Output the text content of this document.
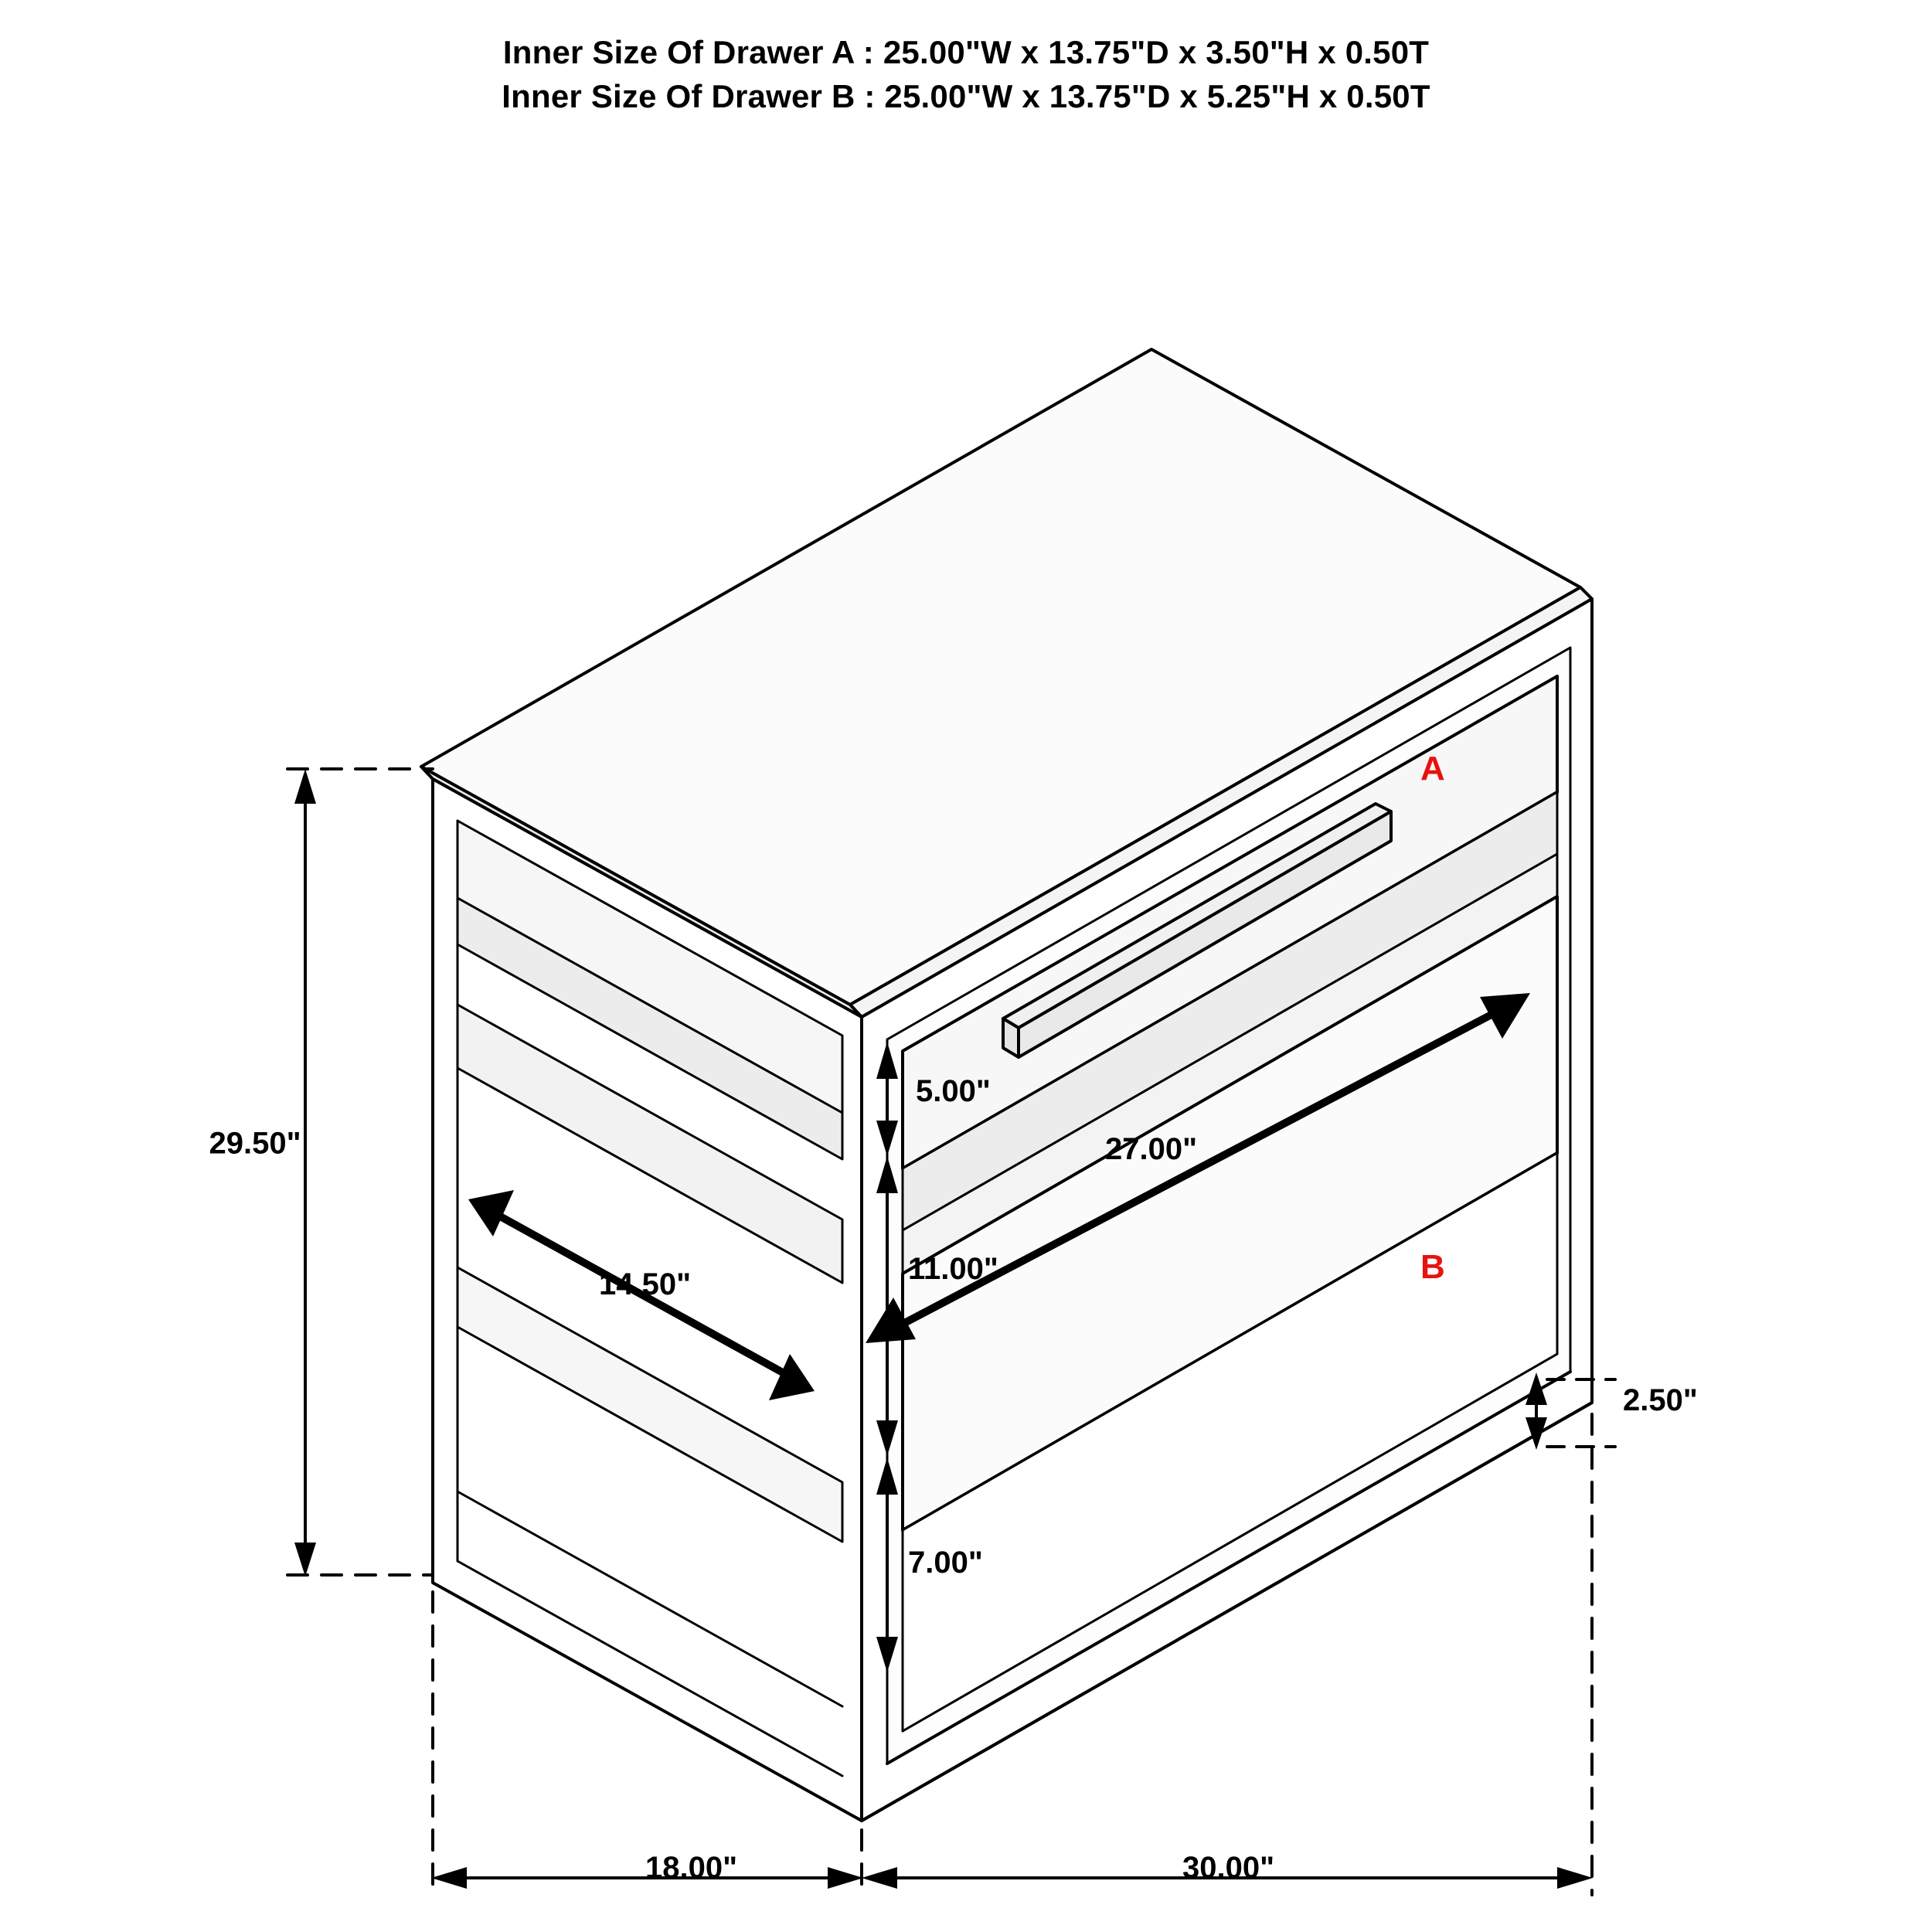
Inner Size Of Drawer A : 25.00"W x 13.75"D x 3.50"H x 0.50T
Inner Size Of Drawer B : 25.00"W x 13.75"D x 5.25"H x 0.50T
29.50"
5.00"
11.00"
7.00"
2.50"
14.50"
27.00"
18.00"	30.00"
A
B
